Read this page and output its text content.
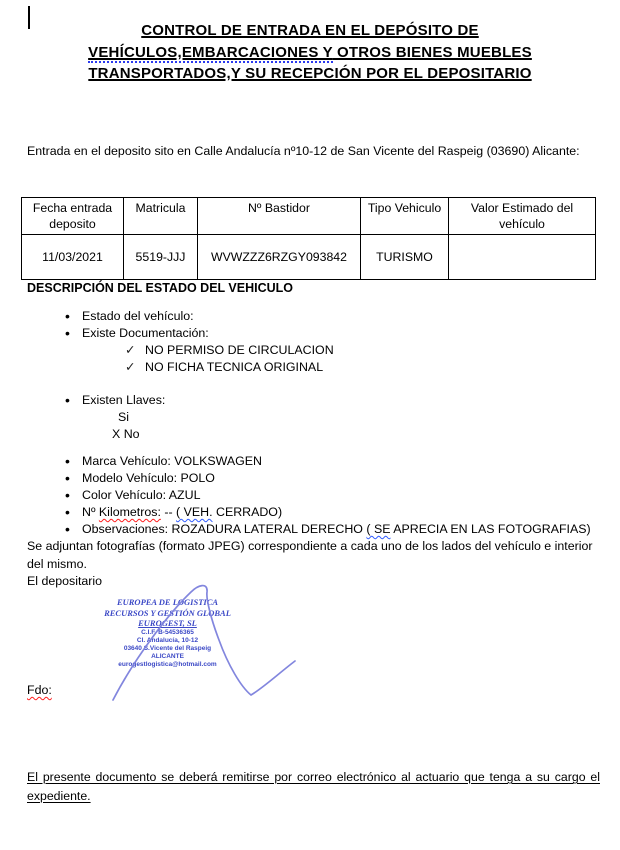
CONTROL DE ENTRADA EN EL DEPÓSITO DE
VEHÍCULOS,EMBARCACIONES Y OTROS BIENES MUEBLES
TRANSPORTADOS,Y SU RECEPCIÓN POR EL DEPOSITARIO

Entrada en el deposito sito en Calle Andalucía nº10-12 de San Vicente del Raspeig (03690) Alicante:

Fecha entrada deposito	Matricula	Nº Bastidor	Tipo Vehiculo	Valor Estimado del vehículo
11/03/2021	5519-JJJ	WVWZZZ6RZGY093842	TURISMO	
DESCRIPCIÓN DEL ESTADO DEL VEHICULO
• Estado del vehículo:
• Existe Documentación:
✓ NO PERMISO DE CIRCULACION
✓ NO FICHA TECNICA ORIGINAL
• Existen Llaves:
Si
X No
• Marca Vehículo: VOLKSWAGEN
• Modelo Vehículo: POLO
• Color Vehículo: AZUL
• Nº Kilometros: -- ( VEH. CERRADO)
• Observaciones: ROZADURA LATERAL DERECHO ( SE APRECIA EN LAS FOTOGRAFIAS)
Se adjuntan fotografías (formato JPEG) correspondiente a cada uno de los lados del vehículo e interior del mismo.
El depositario
EUROPEA DE LOGISTICA
RECURSOS Y GESTIÓN GLOBAL
EUROGEST, SL
C.I.F. B-54536365
Cl. Andalucía, 10-12
03640 S.Vicente del Raspeig
ALICANTE
eurogestlogistica@hotmail.com
Fdo:

El presente documento se deberá remitirse por correo electrónico al actuario que tenga a su cargo el expediente.
